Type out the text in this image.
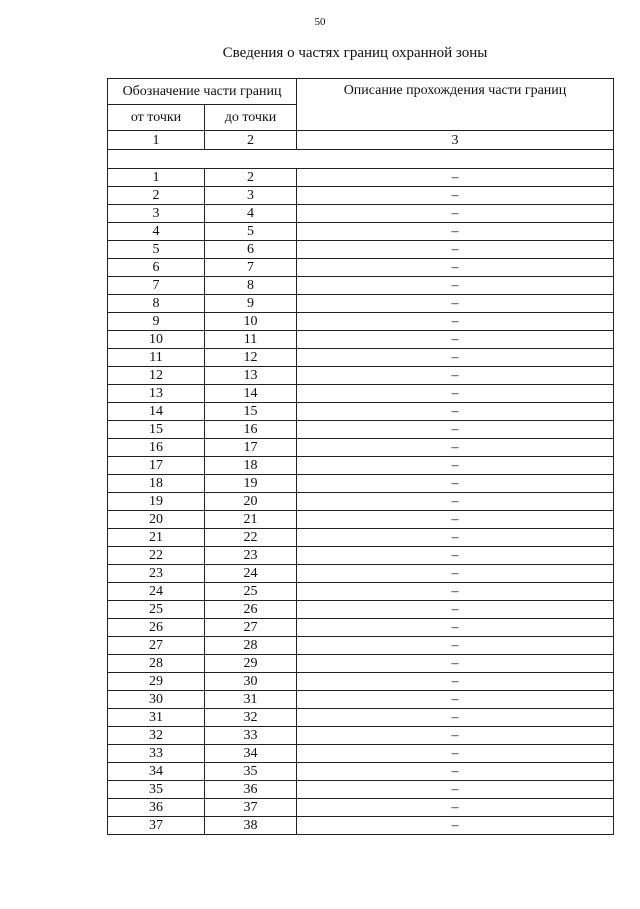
50
Сведения о частях границ охранной зоны
Обозначение части границ		Описание прохождения части границ
от точки	до точки	
1	2	3

1	2	–
2	3	–
3	4	–
4	5	–
5	6	–
6	7	–
7	8	–
8	9	–
9	10	–
10	11	–
11	12	–
12	13	–
13	14	–
14	15	–
15	16	–
16	17	–
17	18	–
18	19	–
19	20	–
20	21	–
21	22	–
22	23	–
23	24	–
24	25	–
25	26	–
26	27	–
27	28	–
28	29	–
29	30	–
30	31	–
31	32	–
32	33	–
33	34	–
34	35	–
35	36	–
36	37	–
37	38	–
